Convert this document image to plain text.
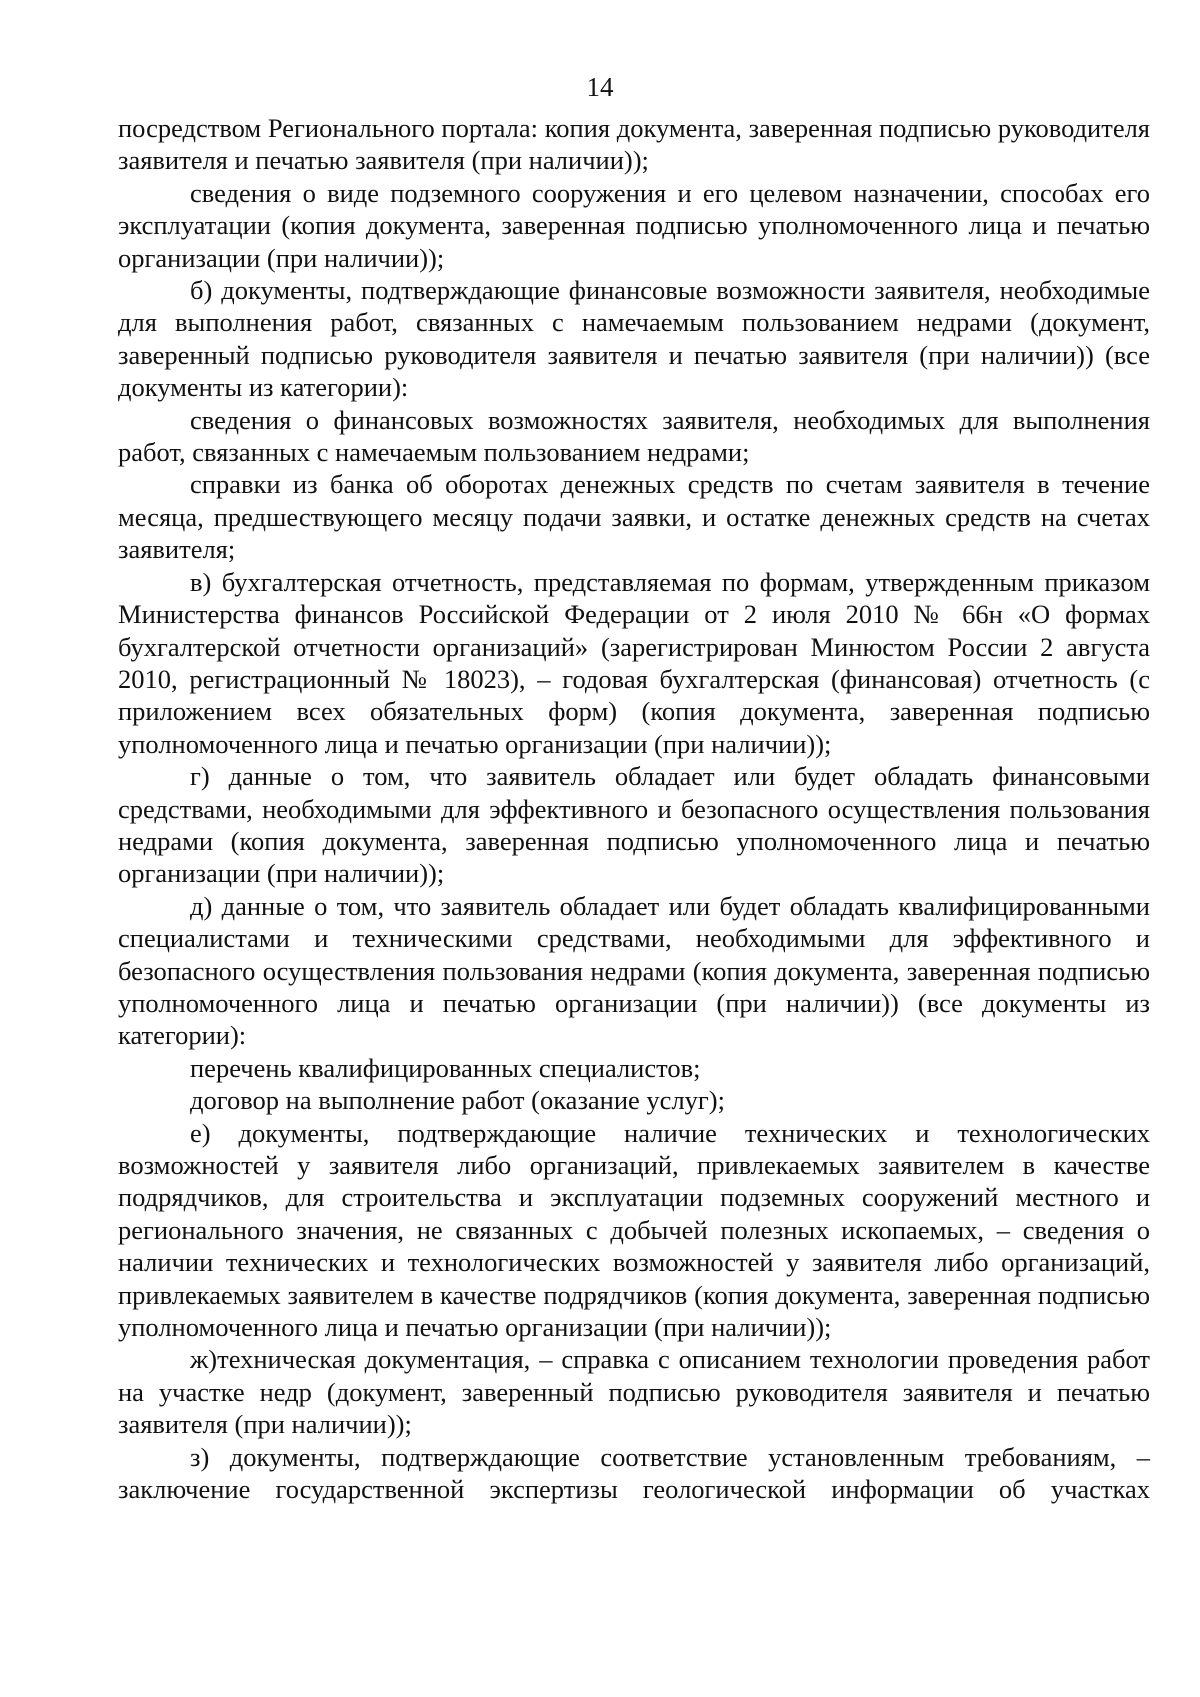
14

посредством Регионального портала: копия документа, заверенная подписью руководителя заявителя и печатью заявителя (при наличии));

сведения о виде подземного сооружения и его целевом назначении, способах его эксплуатации (копия документа, заверенная подписью уполномоченного лица и печатью организации (при наличии));

б) документы, подтверждающие финансовые возможности заявителя, необходимые для выполнения работ, связанных с намечаемым пользованием недрами (документ, заверенный подписью руководителя заявителя и печатью заявителя (при наличии)) (все документы из категории):

сведения о финансовых возможностях заявителя, необходимых для выполнения работ, связанных с намечаемым пользованием недрами;

справки из банка об оборотах денежных средств по счетам заявителя в течение месяца, предшествующего месяцу подачи заявки, и остатке денежных средств на счетах заявителя;

в) бухгалтерская отчетность, представляемая по формам, утвержденным приказом Министерства финансов Российской Федерации от 2 июля 2010 № 66н «О формах бухгалтерской отчетности организаций» (зарегистрирован Минюстом России 2 августа 2010, регистрационный № 18023), – годовая бухгалтерская (финансовая) отчетность (с приложением всех обязательных форм) (копия документа, заверенная подписью уполномоченного лица и печатью организации (при наличии));

г) данные о том, что заявитель обладает или будет обладать финансовыми средствами, необходимыми для эффективного и безопасного осуществления пользования недрами (копия документа, заверенная подписью уполномоченного лица и печатью организации (при наличии));

д) данные о том, что заявитель обладает или будет обладать квалифицированными специалистами и техническими средствами, необходимыми для эффективного и безопасного осуществления пользования недрами (копия документа, заверенная подписью уполномоченного лица и печатью организации (при наличии)) (все документы из категории):

перечень квалифицированных специалистов;

договор на выполнение работ (оказание услуг);

е) документы, подтверждающие наличие технических и технологических возможностей у заявителя либо организаций, привлекаемых заявителем в качестве подрядчиков, для строительства и эксплуатации подземных сооружений местного и регионального значения, не связанных с добычей полезных ископаемых, – сведения о наличии технических и технологических возможностей у заявителя либо организаций, привлекаемых заявителем в качестве подрядчиков (копия документа, заверенная подписью уполномоченного лица и печатью организации (при наличии));

ж)техническая документация, – справка с описанием технологии проведения работ на участке недр (документ, заверенный подписью руководителя заявителя и печатью заявителя (при наличии));

з) документы, подтверждающие соответствие установленным требованиям, – заключение государственной экспертизы геологической информации об участках
